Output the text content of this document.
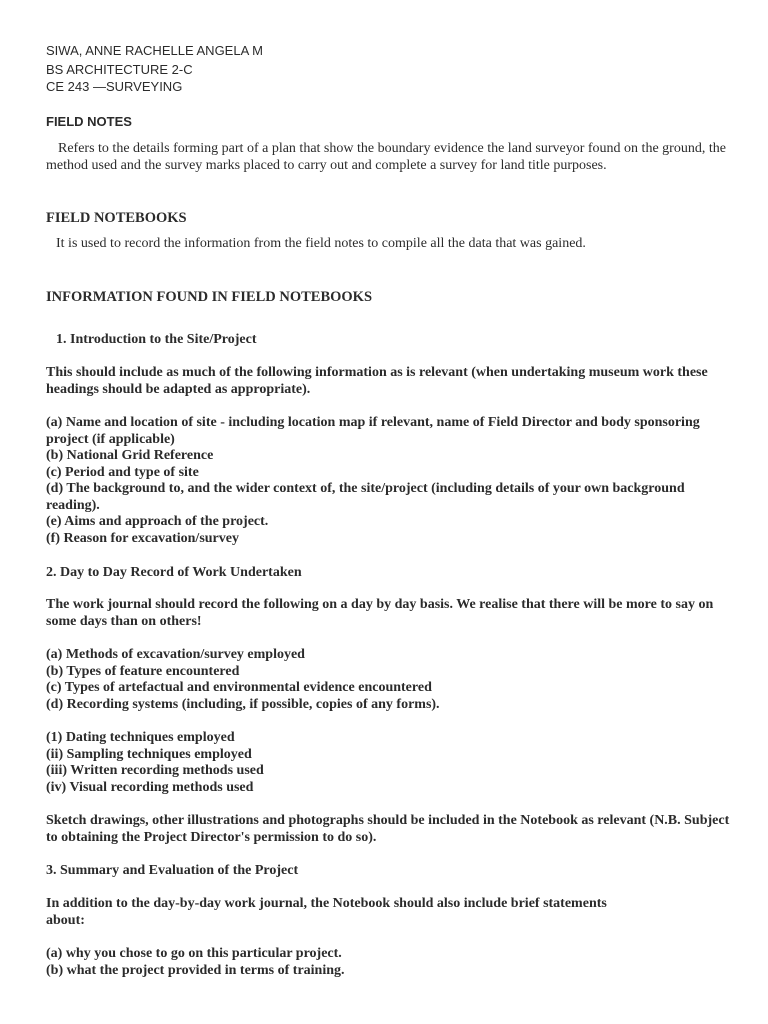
SIWA, ANNE RACHELLE ANGELA M
BS ARCHITECTURE 2-C
CE 243 —SURVEYING
FIELD NOTES
Refers to the details forming part of a plan that show the boundary evidence the land surveyor found on the ground, the method used and the survey marks placed to carry out and complete a survey for land title purposes.
FIELD NOTEBOOKS
It is used to record the information from the field notes to compile all the data that was gained.
INFORMATION FOUND IN FIELD NOTEBOOKS
1. Introduction to the Site/Project
This should include as much of the following information as is relevant (when undertaking museum work these headings should be adapted as appropriate).
(a) Name and location of site - including location map if relevant, name of Field Director and body sponsoring project (if applicable)
(b) National Grid Reference
(c) Period and type of site
(d) The background to, and the wider context of, the site/project (including details of your own background reading).
(e) Aims and approach of the project.
(f) Reason for excavation/survey
2. Day to Day Record of Work Undertaken
The work journal should record the following on a day by day basis. We realise that there will be more to say on some days than on others!
(a) Methods of excavation/survey employed
(b) Types of feature encountered
(c) Types of artefactual and environmental evidence encountered
(d) Recording systems (including, if possible, copies of any forms).
(1) Dating techniques employed
(ii) Sampling techniques employed
(iii) Written recording methods used
(iv) Visual recording methods used
Sketch drawings, other illustrations and photographs should be included in the Notebook as relevant (N.B. Subject to obtaining the Project Director's permission to do so).
3. Summary and Evaluation of the Project
In addition to the day-by-day work journal, the Notebook should also include brief statements
about:
(a) why you chose to go on this particular project.
(b) what the project provided in terms of training.
